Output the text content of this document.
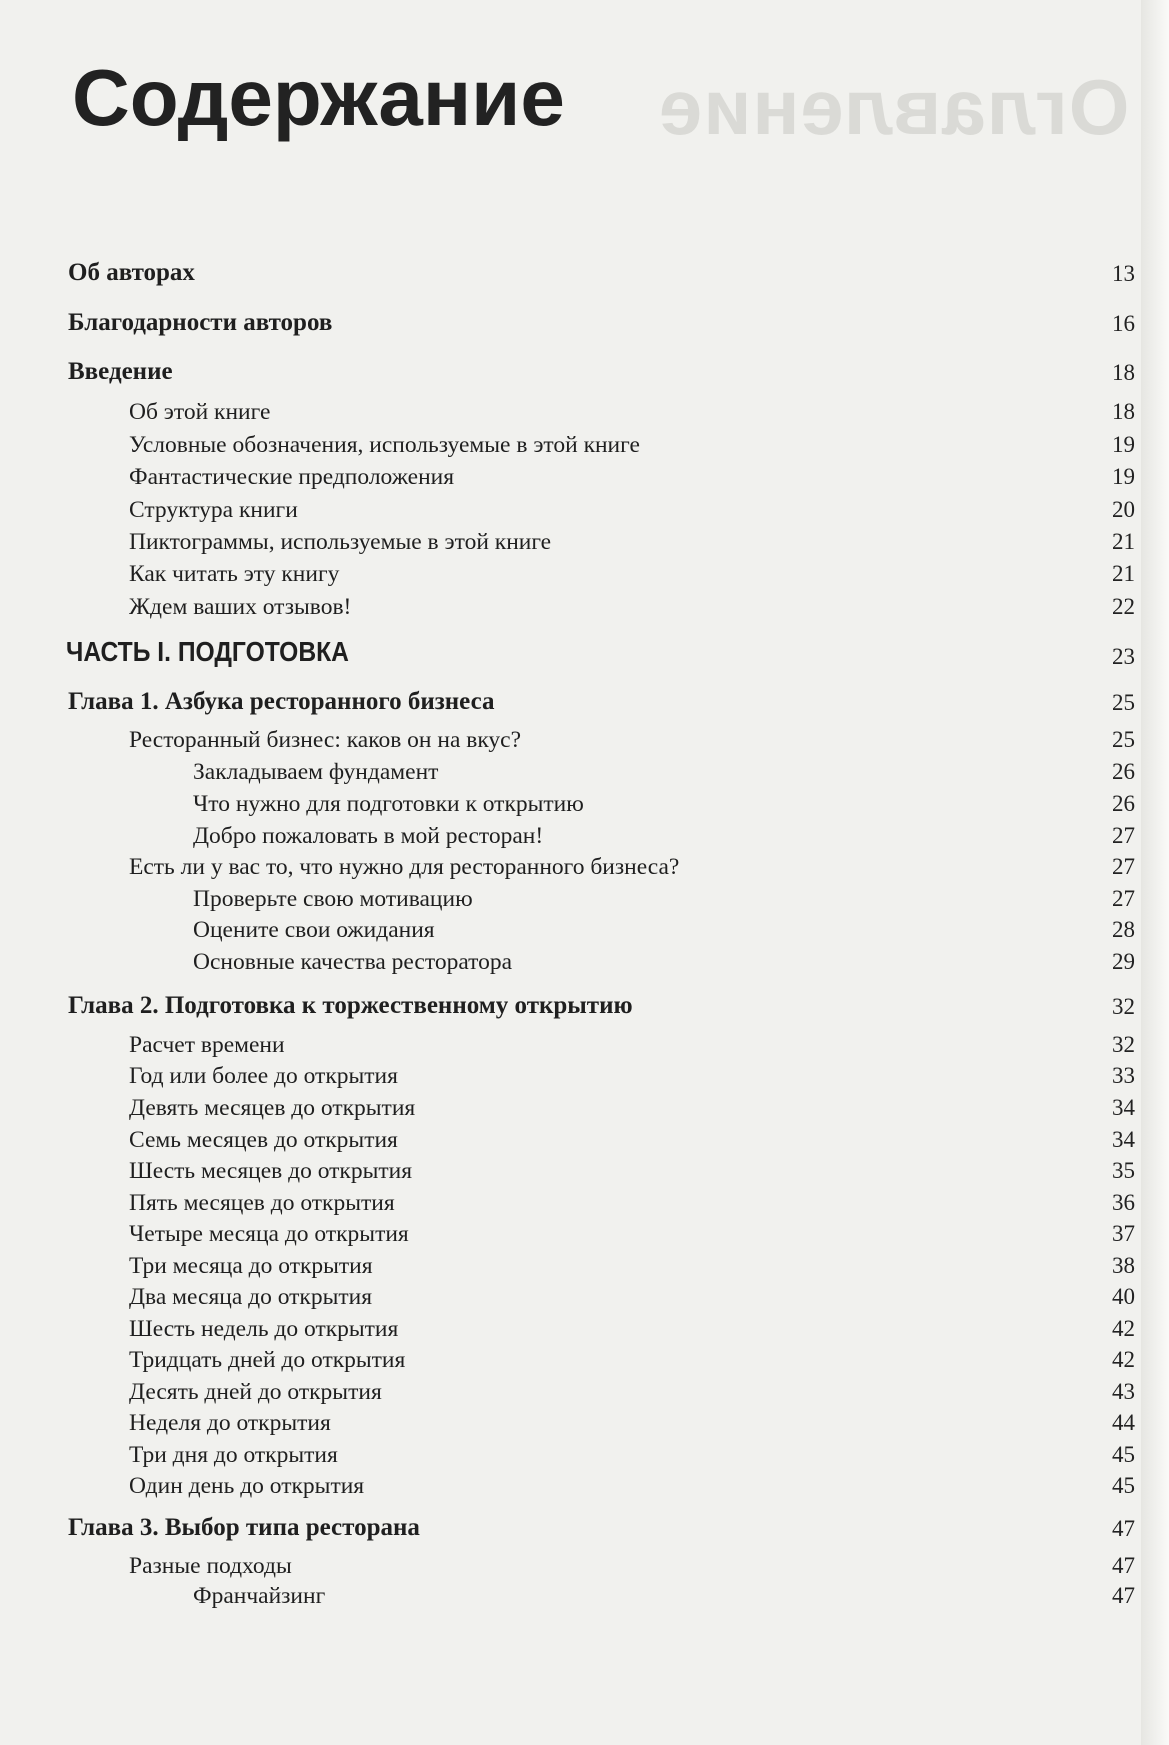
Оглавление
Содержание
Об авторах	13
Благодарности авторов	16
Введение	18
Об этой книге	18
Условные обозначения, используемые в этой книге	19
Фантастические предположения	19
Структура книги	20
Пиктограммы, используемые в этой книге	21
Как читать эту книгу	21
Ждем ваших отзывов!	22
ЧАСТЬ I. ПОДГОТОВКА	23
Глава 1. Азбука ресторанного бизнеса	25
Ресторанный бизнес: каков он на вкус?	25
Закладываем фундамент	26
Что нужно для подготовки к открытию	26
Добро пожаловать в мой ресторан!	27
Есть ли у вас то, что нужно для ресторанного бизнеса?	27
Проверьте свою мотивацию	27
Оцените свои ожидания	28
Основные качества ресторатора	29
Глава 2. Подготовка к торжественному открытию	32
Расчет времени	32
Год или более до открытия	33
Девять месяцев до открытия	34
Семь месяцев до открытия	34
Шесть месяцев до открытия	35
Пять месяцев до открытия	36
Четыре месяца до открытия	37
Три месяца до открытия	38
Два месяца до открытия	40
Шесть недель до открытия	42
Тридцать дней до открытия	42
Десять дней до открытия	43
Неделя до открытия	44
Три дня до открытия	45
Один день до открытия	45
Глава 3. Выбор типа ресторана	47
Разные подходы	47
Франчайзинг	47
